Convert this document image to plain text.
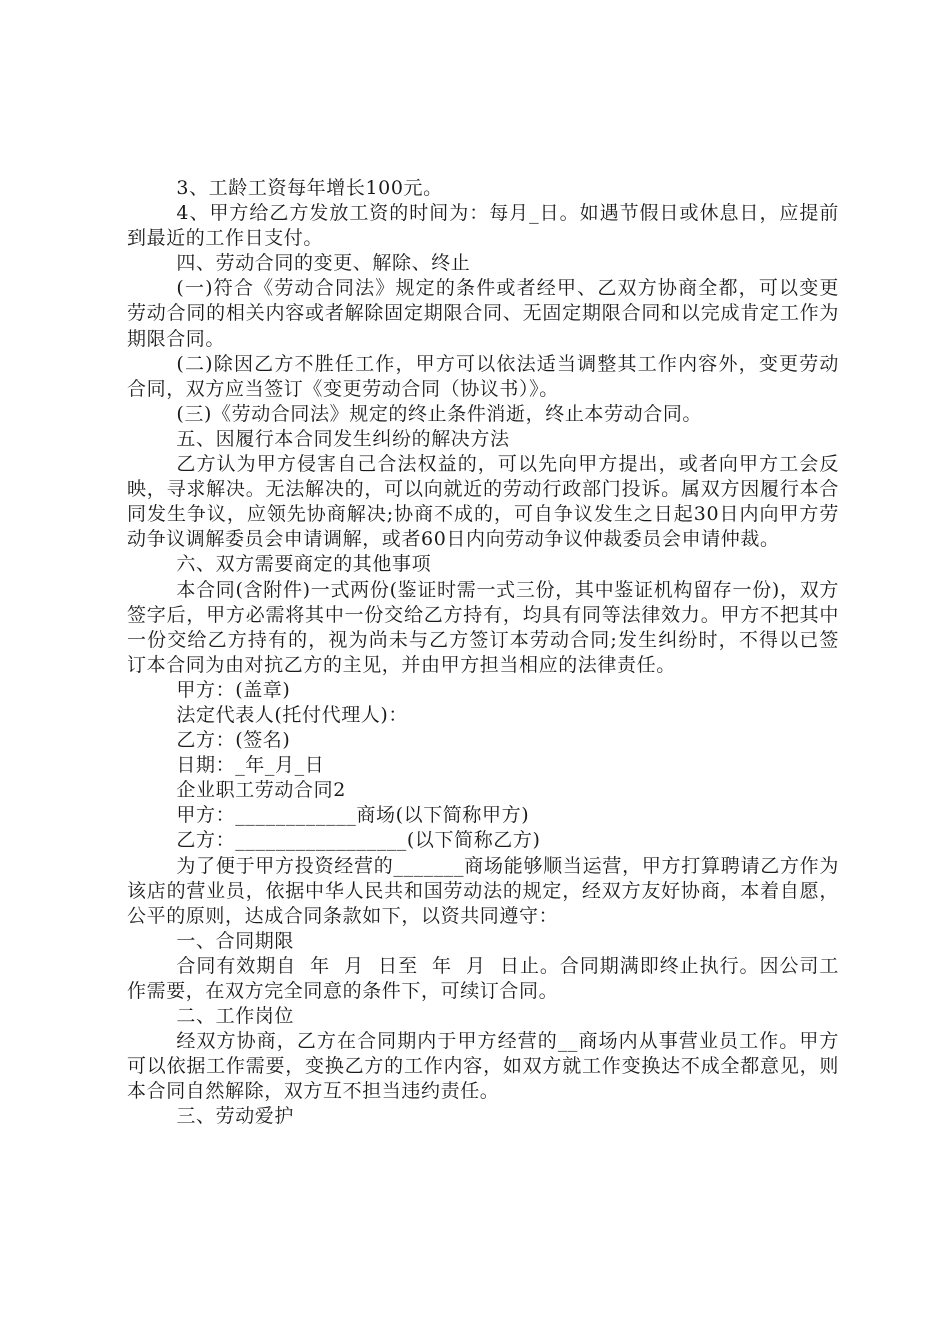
3、工龄工资每年增长100元。

4、甲方给乙方发放工资的时间为：每月_日。如遇节假日或休息日，应提前到最近的工作日支付。

四、劳动合同的变更、解除、终止

(一)符合《劳动合同法》规定的条件或者经甲、乙双方协商全都，可以变更劳动合同的相关内容或者解除固定期限合同、无固定期限合同和以完成肯定工作为期限合同。

(二)除因乙方不胜任工作，甲方可以依法适当调整其工作内容外，变更劳动合同，双方应当签订《变更劳动合同（协议书）》。

(三)《劳动合同法》规定的终止条件消逝，终止本劳动合同。

五、因履行本合同发生纠纷的解决方法

乙方认为甲方侵害自己合法权益的，可以先向甲方提出，或者向甲方工会反映，寻求解决。无法解决的，可以向就近的劳动行政部门投诉。属双方因履行本合同发生争议，应领先协商解决;协商不成的，可自争议发生之日起30日内向甲方劳动争议调解委员会申请调解，或者60日内向劳动争议仲裁委员会申请仲裁。

六、双方需要商定的其他事项

本合同(含附件)一式两份(鉴证时需一式三份，其中鉴证机构留存一份)，双方签字后，甲方必需将其中一份交给乙方持有，均具有同等法律效力。甲方不把其中一份交给乙方持有的，视为尚未与乙方签订本劳动合同;发生纠纷时，不得以已签订本合同为由对抗乙方的主见，并由甲方担当相应的法律责任。

甲方：(盖章)

法定代表人(托付代理人)：

乙方：(签名)

日期：_年_月_日

企业职工劳动合同2

甲方：____________商场(以下简称甲方)

乙方：_________________(以下简称乙方)

为了便于甲方投资经营的_______商场能够顺当运营，甲方打算聘请乙方作为该店的营业员，依据中华人民共和国劳动法的规定，经双方友好协商，本着自愿，公平的原则，达成合同条款如下，以资共同遵守：

一、合同期限

合同有效期自  年  月  日至  年  月  日止。合同期满即终止执行。因公司工作需要，在双方完全同意的条件下，可续订合同。

二、工作岗位

经双方协商，乙方在合同期内于甲方经营的__商场内从事营业员工作。甲方可以依据工作需要，变换乙方的工作内容，如双方就工作变换达不成全都意见，则本合同自然解除，双方互不担当违约责任。

三、劳动爱护
